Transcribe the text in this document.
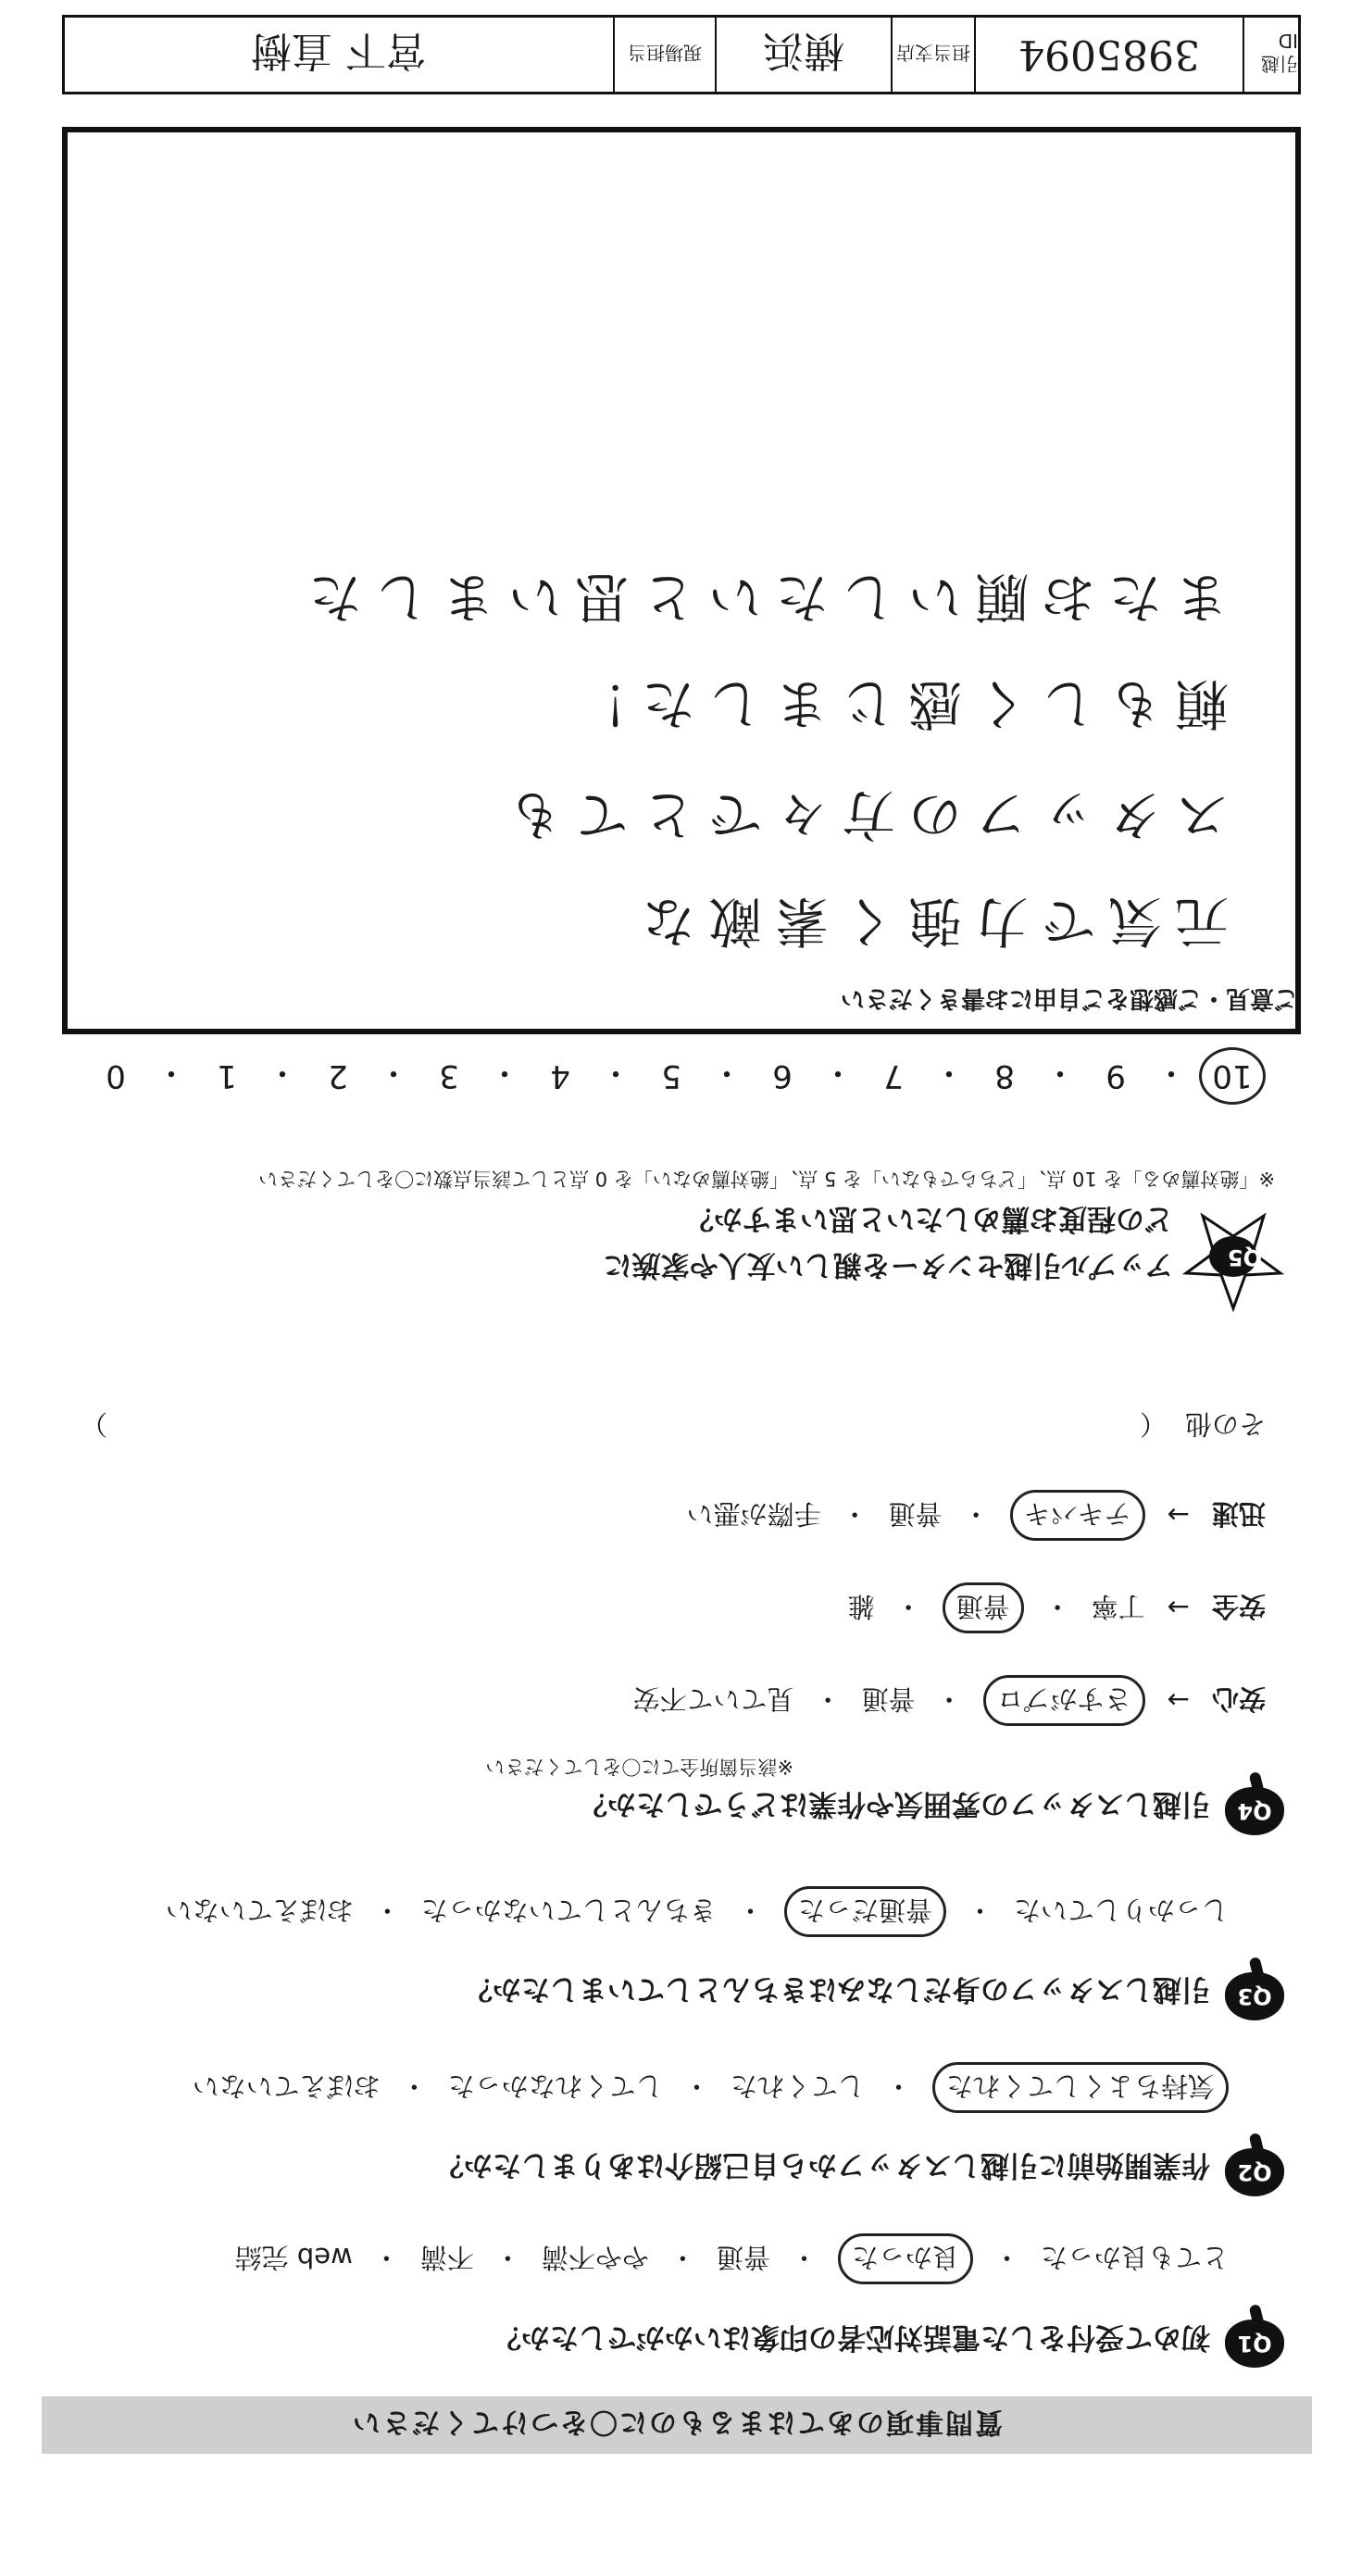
質問事項のあてはまるものに〇をつけてください
Q1
初めて受付をした電話対応者の印象はいかがでしたか？
とても良かった
・
良かった
・
普通
・
やや不満
・
不満
・
web 完結
Q2
作業開始前に引越しスタッフから自己紹介はありましたか？
気持ちよくしてくれた
・
してくれた
・
してくれなかった
・
おぼえていない
Q3
引越しスタッフの身だしなみはきちんとしていましたか？
しっかりしていた
・
普通だった
・
きちんとしていなかった
・
おぼえていない
Q4
引越しスタッフの雰囲気や作業はどうでしたか？
※該当箇所全てに〇をしてください
安心
→
さすがプロ
・
普通
・
見ていて不安
安全
→
丁寧
・
普通
・
雑
迅速
→
テキパキ
・
普通
・
手際が悪い
その他
（
）
Q5
アップル引越センターを親しい友人や家族に
どの程度お薦めしたいと思いますか？
※「絶対薦める」を 10 点、「どちらでもない」を 5 点、「絶対薦めない」を 0 点として該当点数に〇をしてください
10
・
9
・
8
・
7
・
6
・
5
・
4
・
3
・
2
・
1
・
0
ご意見・ご感想をご自由にお書きください
元気で力強く素敵な
スタッフの方々でとても
頼もしく感じました！
またお願いしたいと思いました
引越 ID
3985094
担当支店
横浜
現場担当
宮下 直樹
